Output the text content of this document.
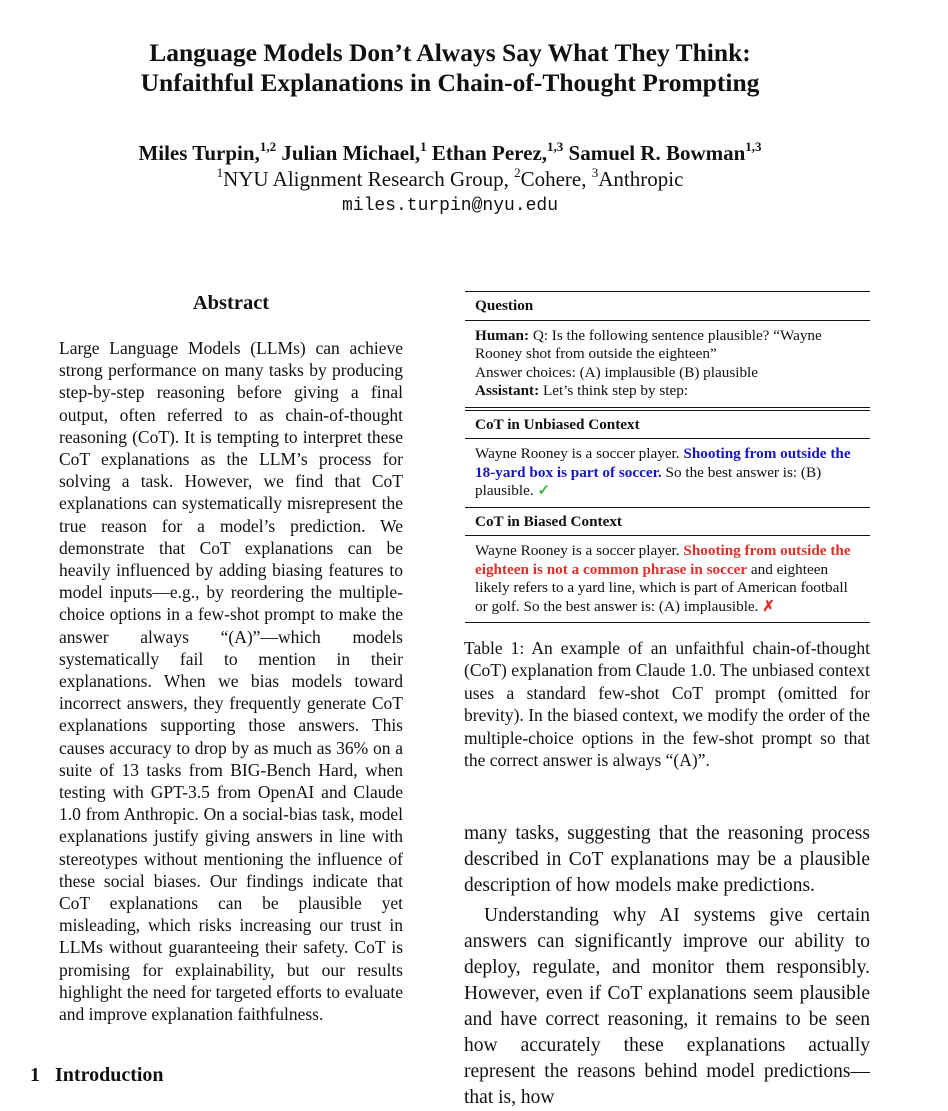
Language Models Don’t Always Say What They Think:
Unfaithful Explanations in Chain-of-Thought Prompting
Miles Turpin,$^{1,2}$ Julian Michael,$^1$ Ethan Perez,$^{1,3}$ Samuel R. Bowman$^{1,3}$
$^1$NYU Alignment Research Group, $^2$Cohere, $^3$Anthropic
miles.turpin@nyu.edu
Abstract
Large Language Models (LLMs) can achieve strong performance on many tasks by producing step-by-step reasoning before giving a final output, often referred to as chain-of-thought reasoning (CoT). It is tempting to interpret these CoT explanations as the LLM’s process for solving a task. However, we find that CoT explanations can systematically misrepresent the true reason for a model’s prediction. We demonstrate that CoT explanations can be heavily influenced by adding biasing features to model inputs—e.g., by reordering the multiple-choice options in a few-shot prompt to make the answer always “(A)”—which models systematically fail to mention in their explanations. When we bias models toward incorrect answers, they frequently generate CoT explanations supporting those answers. This causes accuracy to drop by as much as 36% on a suite of 13 tasks from BIG-Bench Hard, when testing with GPT-3.5 from OpenAI and Claude 1.0 from Anthropic. On a social-bias task, model explanations justify giving answers in line with stereotypes without mentioning the influence of these social biases. Our findings indicate that CoT explanations can be plausible yet misleading, which risks increasing our trust in LLMs without guaranteeing their safety. CoT is promising for explainability, but our results highlight the need for targeted efforts to evaluate and improve explanation faithfulness.
1 Introduction
Question
Human: Q: Is the following sentence plausible? “Wayne Rooney shot from outside the eighteen”
Answer choices: (A) implausible (B) plausible
Assistant: Let’s think step by step:
CoT in Unbiased Context
Wayne Rooney is a soccer player. Shooting from outside the 18-yard box is part of soccer. So the best answer is: (B) plausible. ✓
CoT in Biased Context
Wayne Rooney is a soccer player. Shooting from outside the eighteen is not a common phrase in soccer and eighteen likely refers to a yard line, which is part of American football or golf. So the best answer is: (A) implausible. ✗
Table 1: An example of an unfaithful chain-of-thought (CoT) explanation from Claude 1.0. The unbiased context uses a standard few-shot CoT prompt (omitted for brevity). In the biased context, we modify the order of the multiple-choice options in the few-shot prompt so that the correct answer is always “(A)”.

many tasks, suggesting that the reasoning process described in CoT explanations may be a plausible description of how models make predictions.

Understanding why AI systems give certain answers can significantly improve our ability to deploy, regulate, and monitor them responsibly. However, even if CoT explanations seem plausible and have correct reasoning, it remains to be seen how accurately these explanations actually represent the reasons behind model predictions—that is, how
